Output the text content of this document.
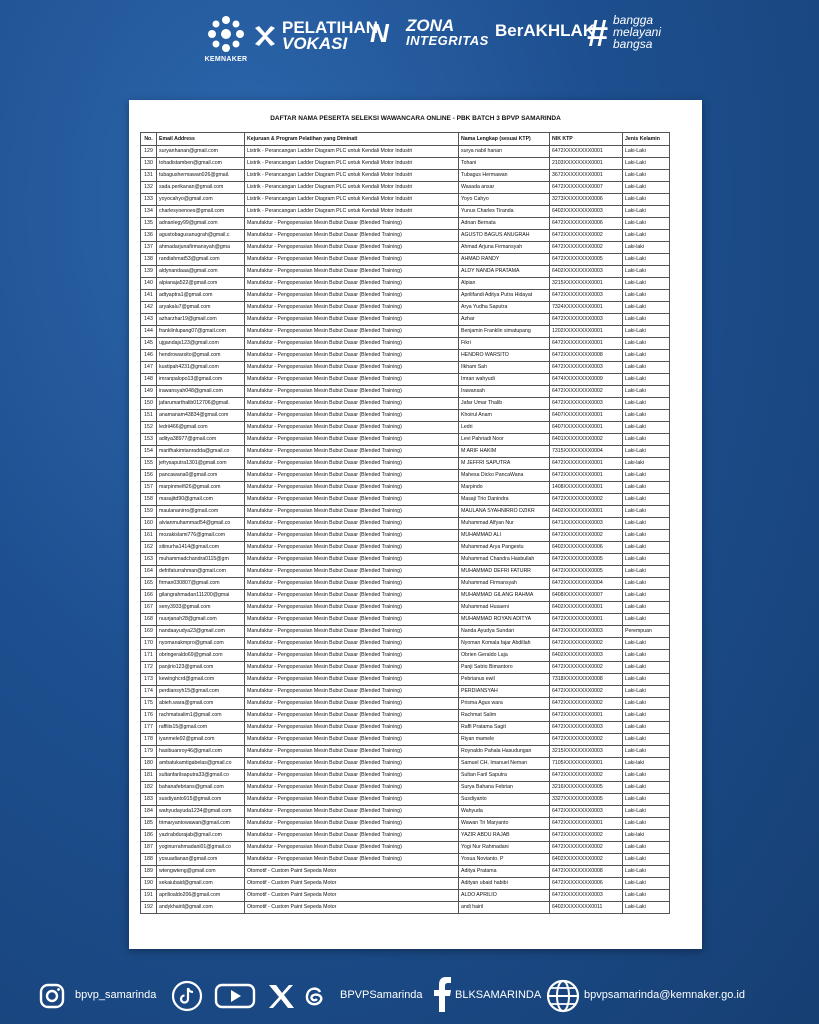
KEMNAKER
PELATIHAN
VOKASI N ZONA
INTEGRITAS
BerAKHLAK
# bangga
melayani
bangsa
DAFTAR NAMA PESERTA SELEKSI WAWANCARA ONLINE - PBK BATCH 3 BPVP SAMARINDA
No.	Email Address	Kejuruan & Program Pelatihan yang Diminati	Nama Lengkap (sesuai KTP)	NIK KTP	Jenis Kelamin
129	suryanhanan@gmail.com	Listrik - Perancangan Ladder Diagram PLC untuk Kendali Motor Industri	surya nabil hanan	6472XXXXXXXX0001	Laki-Laki
130	tohadistamben@gmail.com	Listrik - Perancangan Ladder Diagram PLC untuk Kendali Motor Industri	Tohani	2103XXXXXXXX0001	Laki-Laki
131	tubagushermawan026@gmail.	Listrik - Perancangan Ladder Diagram PLC untuk Kendali Motor Industri	Tubagus Hermawan	3672XXXXXXXX0001	Laki-Laki
132	sada.perikanan@gmail.com	Listrik - Perancangan Ladder Diagram PLC untuk Kendali Motor Industri	Wasada ansar	6472XXXXXXXX0007	Laki-Laki
133	yoyocahyo@gmail.com	Listrik - Perancangan Ladder Diagram PLC untuk Kendali Motor Industri	Yoyo Cahyo	3273XXXXXXXX0006	Laki-Laki
134	charlesyoenoes@gmail.com	Listrik - Perancangan Ladder Diagram PLC untuk Kendali Motor Industri	Yunus Charles Tiranda	6402XXXXXXXX0003	Laki-Laki
135	adnanlegy99@gmail.com	Manufaktur - Pengoperasian Mesin Bubut Dasar (Blended Training)	Adnan Bernata	6472XXXXXXXX0006	Laki-Laki
136	agustobagusanugrah@gmail.c	Manufaktur - Pengoperasian Mesin Bubut Dasar (Blended Training)	AGUSTO BAGUS ANUGRAH	6472XXXXXXXX0002	Laki-Laki
137	ahmadarjunafirmansyah@gma	Manufaktur - Pengoperasian Mesin Bubut Dasar (Blended Training)	Ahmad Arjuna Firmansyah	6472XXXXXXXX0002	Laki-laki
138	randiahmat53@gmail.com	Manufaktur - Pengoperasian Mesin Bubut Dasar (Blended Training)	AHMAD RANDY	6472XXXXXXXX0005	Laki-Laki
139	aldynandaaa@gmail.com	Manufaktur - Pengoperasian Mesin Bubut Dasar (Blended Training)	ALDY NANDA PRATAMA	6402XXXXXXXX0003	Laki-Laki
140	alpianaja522@gmail.com	Manufaktur - Pengoperasian Mesin Bubut Dasar (Blended Training)	Alpian	3215XXXXXXXX0001	Laki-Laki
141	adtyaptra1@gmail.com	Manufaktur - Pengoperasian Mesin Bubut Dasar (Blended Training)	Aprilifandi Aditya Putra Hidayat	6472XXXXXXXX0003	Laki-Laki
142	aryakalu7@gmail.com	Manufaktur - Pengoperasian Mesin Bubut Dasar (Blended Training)	Arya Yudha Saputra	7324XXXXXXXX0001	Laki-Laki
143	azharzhar19@gmail.com	Manufaktur - Pengoperasian Mesin Bubut Dasar (Blended Training)	Azhar	6472XXXXXXXX0003	Laki-Laki
144	franklinlupang07@gmail.com	Manufaktur - Pengoperasian Mesin Bubut Dasar (Blended Training)	Benjamin Franklin simatupang	1202XXXXXXXX0001	Laki-Laki
145	ujgandajs123@gmail.com	Manufaktur - Pengoperasian Mesin Bubut Dasar (Blended Training)	Fikri	6472XXXXXXXX0001	Laki-Laki
146	hendrowarsito@gmail.com	Manufaktur - Pengoperasian Mesin Bubut Dasar (Blended Training)	HENDRO WARSITO	6472XXXXXXXX0008	Laki-Laki
147	kustipah4231@gmail.com	Manufaktur - Pengoperasian Mesin Bubut Dasar (Blended Training)	Ilkham Sah	6472XXXXXXXX0003	Laki-Laki
148	imranpalopo13@gmail.com	Manufaktur - Pengoperasian Mesin Bubut Dasar (Blended Training)	Imran wahyudi	6474XXXXXXXX0009	Laki-Laki
149	irawansyah048@gmail.com	Manufaktur - Pengoperasian Mesin Bubut Dasar (Blended Training)	Irawansah	6472XXXXXXXX0002	Laki-Laki
150	jafarumarthalib012706@gmail.	Manufaktur - Pengoperasian Mesin Bubut Dasar (Blended Training)	Jafar Umar Thalib	6472XXXXXXXX0003	Laki-Laki
151	anamanam43834@gmail.com	Manufaktur - Pengoperasian Mesin Bubut Dasar (Blended Training)	Khoirul Anam	6407XXXXXXXX0001	Laki-Laki
152	ledrii466@gmail.com	Manufaktur - Pengoperasian Mesin Bubut Dasar (Blended Training)	Ledri	6407XXXXXXXX0001	Laki-Laki
153	aditya38977@gmail.com	Manufaktur - Pengoperasian Mesin Bubut Dasar (Blended Training)	Levi Pahriadi Noor	6401XXXXXXXX0002	Laki-Laki
154	marifhakimtanradda@gmail.co	Manufaktur - Pengoperasian Mesin Bubut Dasar (Blended Training)	M ARIF HAKIM	7315XXXXXXXX0004	Laki-Laki
155	jefrysaputra1301@gmail.com	Manufaktur - Pengoperasian Mesin Bubut Dasar (Blended Training)	M JEFFRI SAPUTRA	6472XXXXXXXX0001	Laki-laki
156	pancawana0@gmail.com	Manufaktur - Pengoperasian Mesin Bubut Dasar (Blended Training)	Mahesa Dicko PancaWana	6472XXXXXXXX0001	Laki-Laki
157	marpinmelfi26@gmail.com	Manufaktur - Pengoperasian Mesin Bubut Dasar (Blended Training)	Marpindo	1408XXXXXXXX0001	Laki-Laki
158	masajitd90@gmail.com	Manufaktur - Pengoperasian Mesin Bubut Dasar (Blended Training)	Masaji Trio Danindra	6472XXXXXXXX0002	Laki-Laki
159	maulananirro@gmail.com	Manufaktur - Pengoperasian Mesin Bubut Dasar (Blended Training)	MAULANA SYAHNIRRO DZIKR	6402XXXXXXXX0001	Laki-Laki
160	alvianmuhammad54@gmail.co	Manufaktur - Pengoperasian Mesin Bubut Dasar (Blended Training)	Muhammad Alfyan Nur	6471XXXXXXXX0003	Laki-Laki
161	mozakislami776@gmail.com	Manufaktur - Pengoperasian Mesin Bubut Dasar (Blended Training)	MUHAMMAD ALI	6472XXXXXXXX0002	Laki-Laki
162	sitinurha1414@gmail.com	Manufaktur - Pengoperasian Mesin Bubut Dasar (Blended Training)	Muhammad Arya Pangestu	6402XXXXXXXX0006	Laki-Laki
163	muhammadchandra0115@gm	Manufaktur - Pengoperasian Mesin Bubut Dasar (Blended Training)	Muhammad Chandra Hasbullah	6472XXXXXXXX0005	Laki-Laki
164	defrifaturrahman@gmail.com	Manufaktur - Pengoperasian Mesin Bubut Dasar (Blended Training)	MUHAMMAD DEFRI FATURR	6472XXXXXXXX0005	Laki-Laki
165	firman030807@gmail.com	Manufaktur - Pengoperasian Mesin Bubut Dasar (Blended Training)	Muhammad Firmansyah	6472XXXXXXXX0004	Laki-Laki
166	gilangrahmadan111200@gmai	Manufaktur - Pengoperasian Mesin Bubut Dasar (Blended Training)	MUHAMMAD GILANG RAHMA	6408XXXXXXXX0007	Laki-Laki
167	seny3933@gmail.com	Manufaktur - Pengoperasian Mesin Bubut Dasar (Blended Training)	Muhammad Husaeni	6402XXXXXXXX0001	Laki-Laki
168	nuurjanah28@gmail.com	Manufaktur - Pengoperasian Mesin Bubut Dasar (Blended Training)	MUHAMMAD ROYAN ADITYA	6472XXXXXXXX0001	Laki-Laki
169	nandaayudya23@gmail.com	Manufaktur - Pengoperasian Mesin Bubut Dasar (Blended Training)	Nanda Ayudya Sundari	6472XXXXXXXX0003	Perempuan
170	nyomanakmpro@gmail.com	Manufaktur - Pengoperasian Mesin Bubut Dasar (Blended Training)	Nyoman Komala fajar Abdillah	6472XXXXXXXX0002	Laki-Laki
171	obringeraldo69@gmail.com	Manufaktur - Pengoperasian Mesin Bubut Dasar (Blended Training)	Obrien Geraldo Laja	6402XXXXXXXX0003	Laki-Laki
172	panjirio123@gmail.com	Manufaktur - Pengoperasian Mesin Bubut Dasar (Blended Training)	Panji Satrio Bimantoro	6472XXXXXXXX0002	Laki-Laki
173	kewinghcrd@gmail.com	Manufaktur - Pengoperasian Mesin Bubut Dasar (Blended Training)	Pebrianus ewil	7318XXXXXXXX0008	Laki-Laki
174	perdiansyh15@gmail.com	Manufaktur - Pengoperasian Mesin Bubut Dasar (Blended Training)	PERDIANSYAH	6472XXXXXXXX0002	Laki-Laki
175	abieh.wara@gmail.com	Manufaktur - Pengoperasian Mesin Bubut Dasar (Blended Training)	Prisma Agus wara	6472XXXXXXXX0002	Laki-Laki
176	rachmatsalim1@gmail.com	Manufaktur - Pengoperasian Mesin Bubut Dasar (Blended Training)	Rachmat Salim	6472XXXXXXXX0001	Laki-Laki
177	raffiiis15@gmail.com	Manufaktur - Pengoperasian Mesin Bubut Dasar (Blended Training)	Raffi Pratama Sagit	6472XXXXXXXX0003	Laki-Laki
178	iyanmele92@gmail.com	Manufaktur - Pengoperasian Mesin Bubut Dasar (Blended Training)	Riyan mamele	6472XXXXXXXX0002	Laki-Laki
179	hasibuanroy46@gmail.com	Manufaktur - Pengoperasian Mesin Bubut Dasar (Blended Training)	Roynaldo Pahala Hasudungan	3215XXXXXXXX0003	Laki-Laki
180	ambatukamtigabelas@gmail.co	Manufaktur - Pengoperasian Mesin Bubut Dasar (Blended Training)	Samuel CH. Imanuel Neman	7105XXXXXXXX0001	Laki-laki
181	sultanfarilsaputra33@gmail.co	Manufaktur - Pengoperasian Mesin Bubut Dasar (Blended Training)	Sultan Faril Saputra	6472XXXXXXXX0002	Laki-Laki
182	bahanafebrians@gmail.com	Manufaktur - Pengoperasian Mesin Bubut Dasar (Blended Training)	Surya Bahana Febrian	3216XXXXXXXX0005	Laki-Laki
183	susdiyanto915@gmail.com	Manufaktur - Pengoperasian Mesin Bubut Dasar (Blended Training)	Susdiyanto	3327XXXXXXXX0005	Laki-Laki
184	wahyudayuda1234@gmail.com	Manufaktur - Pengoperasian Mesin Bubut Dasar (Blended Training)	Wahyuda	6472XXXXXXXX0003	Laki-Laki
185	trimaryantowawan@gmail.com	Manufaktur - Pengoperasian Mesin Bubut Dasar (Blended Training)	Wawan Tri Maryanto	6472XXXXXXXX0001	Laki-Laki
186	yazirabdurajab@gmail.com	Manufaktur - Pengoperasian Mesin Bubut Dasar (Blended Training)	YAZIR ABDU RAJAB	6472XXXXXXXX0002	Laki-laki
187	yoginurrahmadani01@gmail.co	Manufaktur - Pengoperasian Mesin Bubut Dasar (Blended Training)	Yogi Nur Rahmadani	6472XXXXXXXX0002	Laki-Laki
188	yosuadianan@gmail.com	Manufaktur - Pengoperasian Mesin Bubut Dasar (Blended Training)	Yosua Novianto. P	6402XXXXXXXX0002	Laki-Laki
189	wtengwteng@gmail.com	Otomotif - Custom Paint Sepeda Motor	Aditya Pratama	6472XXXXXXXX0008	Laki-Laki
190	sekaiubaid@gmail.com	Otomotif - Custom Paint Sepeda Motor	Adityan ubaid habibi	6472XXXXXXXX0006	Laki-Laki
191	aprilioaldo206@gmail.com	Otomotif - Custom Paint Sepeda Motor	ALDO APRILIO	6472XXXXXXXX0003	Laki-Laki
192	andykhairil@gmail.com	Otomotif - Custom Paint Sepeda Motor	andi hairil	6402XXXXXXXX0011	Laki-Laki
bpvp_samarinda	BPVPSamarinda	BLKSAMARINDA	bpvpsamarinda@kemnaker.go.id
